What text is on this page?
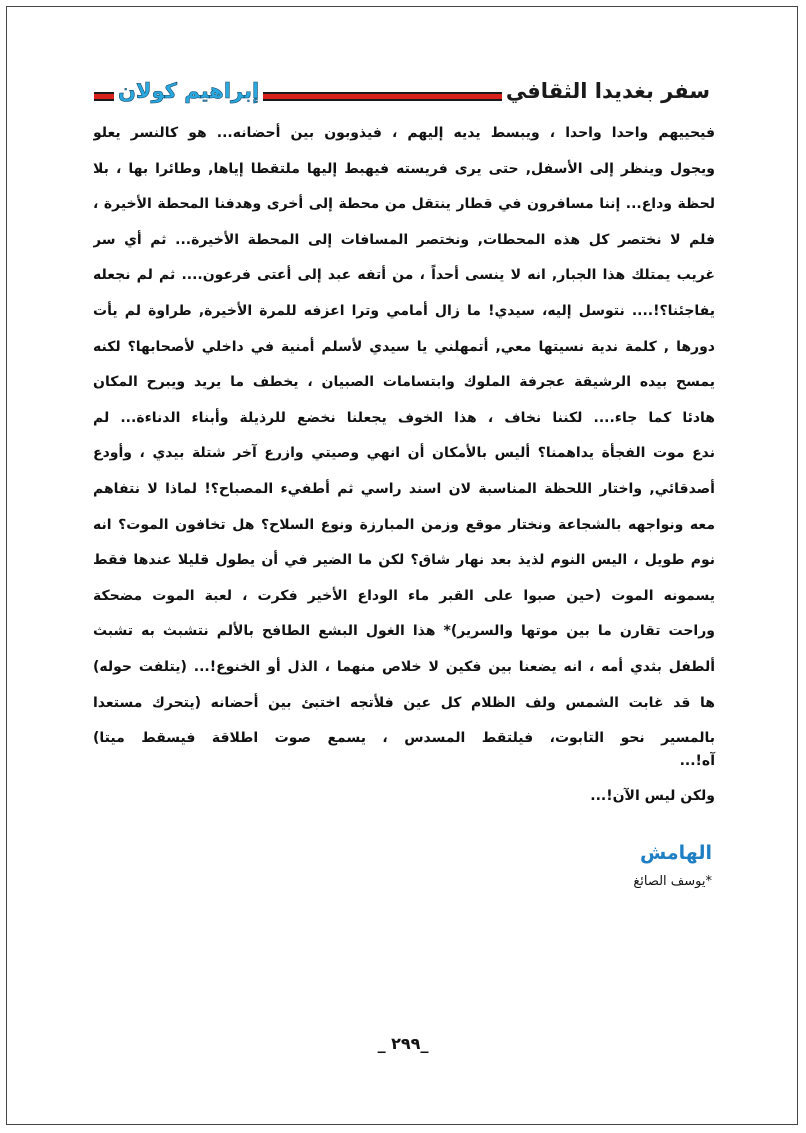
سفر بغديدا الثقافي
إبراهيم كولان
فيحييهم واحدا واحدا ، ويبسط يديه إليهم ، فيذوبون بين أحضانه... هو كالنسر يعلو
ويجول وينظر إلى الأسفل, حتى يرى فريسته فيهبط إليها ملتقطا إياها, وطائرا بها ، بلا
لحظة وداع... إننا مسافرون في قطار ينتقل من محطة إلى أخرى وهدفنا المحطة الأخيرة ،
فلم لا نختصر كل هذه المحطات, ونختصر المسافات إلى المحطة الأخيرة... ثم أي سر
غريب يمتلك هذا الجبار, انه لا ينسى أحداً ، من أتفه عبد إلى أعتى فرعون.... ثم لم نجعله
يفاجئنا؟!.... نتوسل إليه، سيدي! ما زال أمامي وترا اعزفه للمرة الأخيرة, طراوة لم يأت
دورها , كلمة ندية نسيتها معي, أتمهلني يا سيدي لأسلم أمنية في داخلي لأصحابها؟ لكنه
يمسح بيده الرشيقة عجرفة الملوك وابتسامات الصبيان ، يخطف ما يريد ويبرح المكان
هادئا كما جاء.... لكننا نخاف ، هذا الخوف يجعلنا نخضع للرذيلة وأبناء الدناءة... لم
ندع موت الفجأة يداهمنا؟ أليس بالأمكان أن انهي وصيتي وازرع آخر شتلة بيدي ، وأودع
أصدقائي, واختار اللحظة المناسبة لان اسند راسي ثم أطفيء المصباح؟! لماذا لا نتفاهم
معه ونواجهه بالشجاعة ونختار موقع وزمن المبارزة ونوع السلاح؟ هل تخافون الموت؟ انه
نوم طويل ، اليس النوم لذيذ بعد نهار شاق؟ لكن ما الضير في أن يطول قليلا عندها فقط
يسمونه الموت (حين صبوا على القبر ماء الوداع الأخير فكرت ، لعبة الموت مضحكة
وراحت تقارن ما بين موتها والسرير)* هذا الغول البشع الطافح بالألم نتشبث به تشبث
ألطفل بثدي أمه ، انه يضعنا بين فكين لا خلاص منهما ، الذل أو الخنوع!... (يتلفت حوله)
ها قد غابت الشمس ولف الظلام كل عين فلأتجه اختبئ بين أحضانه (يتحرك مستعدا
بالمسير نحو التابوت، فيلتقط المسدس ، يسمع صوت اطلاقة فيسقط ميتا)
آه!...
ولكن ليس الآن!...
الهامش
*يوسف الصائغ
_ ٢٩٩_
